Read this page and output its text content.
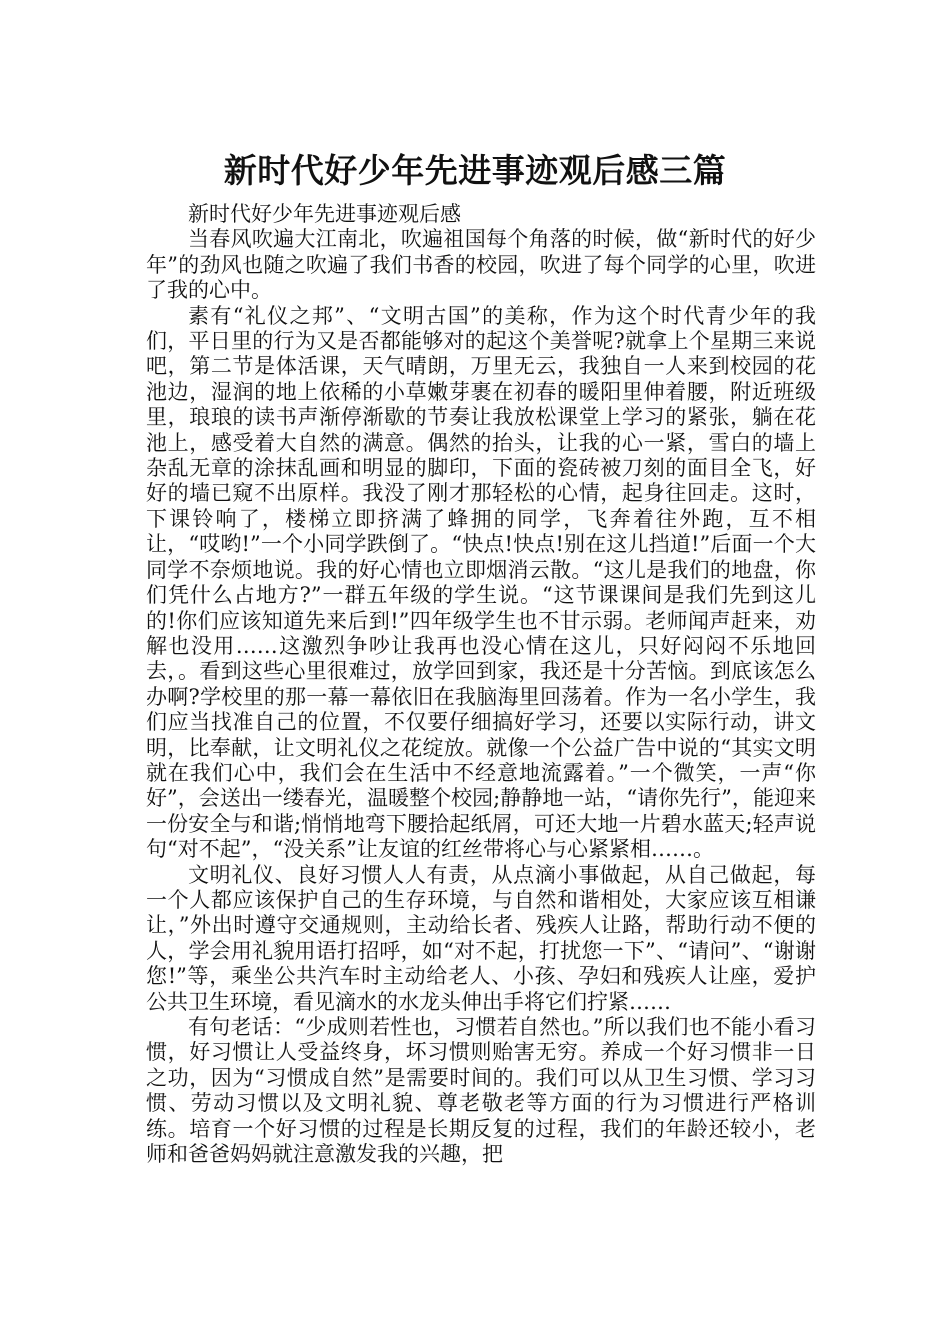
新时代好少年先进事迹观后感三篇

新时代好少年先进事迹观后感

当春风吹遍大江南北，吹遍祖国每个角落的时候，做“新时代的好少年”的劲风也随之吹遍了我们书香的校园，吹进了每个同学的心里，吹进了我的心中。

素有“礼仪之邦”、“文明古国”的美称，作为这个时代青少年的我们，平日里的行为又是否都能够对的起这个美誉呢?就拿上个星期三来说吧，第二节是体活课，天气晴朗，万里无云，我独自一人来到校园的花池边，湿润的地上依稀的小草嫩芽裹在初春的暖阳里伸着腰，附近班级里，琅琅的读书声渐停渐歇的节奏让我放松课堂上学习的紧张，躺在花池上，感受着大自然的满意。偶然的抬头，让我的心一紧，雪白的墙上杂乱无章的涂抹乱画和明显的脚印，下面的瓷砖被刀刻的面目全飞，好好的墙已窥不出原样。我没了刚才那轻松的心情，起身往回走。这时，下课铃响了，楼梯立即挤满了蜂拥的同学，飞奔着往外跑，互不相让，“哎哟!”一个小同学跌倒了。“快点!快点!别在这儿挡道!”后面一个大同学不奈烦地说。我的好心情也立即烟消云散。“这儿是我们的地盘，你们凭什么占地方?”一群五年级的学生说。“这节课课间是我们先到这儿的!你们应该知道先来后到!”四年级学生也不甘示弱。老师闻声赶来，劝解也没用……这激烈争吵让我再也没心情在这儿，只好闷闷不乐地回去，。看到这些心里很难过，放学回到家，我还是十分苦恼。到底该怎么办啊?学校里的那一幕一幕依旧在我脑海里回荡着。作为一名小学生，我们应当找准自己的位置，不仅要仔细搞好学习，还要以实际行动，讲文明，比奉献，让文明礼仪之花绽放。就像一个公益广告中说的“其实文明就在我们心中，我们会在生活中不经意地流露着。”一个微笑，一声“你好”，会送出一缕春光，温暖整个校园;静静地一站，“请你先行”，能迎来一份安全与和谐;悄悄地弯下腰拾起纸屑，可还大地一片碧水蓝天;轻声说句“对不起”，“没关系”让友谊的红丝带将心与心紧紧相……。

文明礼仪、良好习惯人人有责，从点滴小事做起，从自己做起，每一个人都应该保护自己的生存环境，与自然和谐相处，大家应该互相谦让，”外出时遵守交通规则，主动给长者、残疾人让路，帮助行动不便的人，学会用礼貌用语打招呼，如“对不起，打扰您一下”、“请问”、“谢谢您!”等，乘坐公共汽车时主动给老人、小孩、孕妇和残疾人让座，爱护公共卫生环境，看见滴水的水龙头伸出手将它们拧紧……

有句老话：“少成则若性也，习惯若自然也。”所以我们也不能小看习惯，好习惯让人受益终身，坏习惯则贻害无穷。养成一个好习惯非一日之功，因为“习惯成自然”是需要时间的。我们可以从卫生习惯、学习习惯、劳动习惯以及文明礼貌、尊老敬老等方面的行为习惯进行严格训练。培育一个好习惯的过程是长期反复的过程，我们的年龄还较小，老师和爸爸妈妈就注意激发我的兴趣，把
